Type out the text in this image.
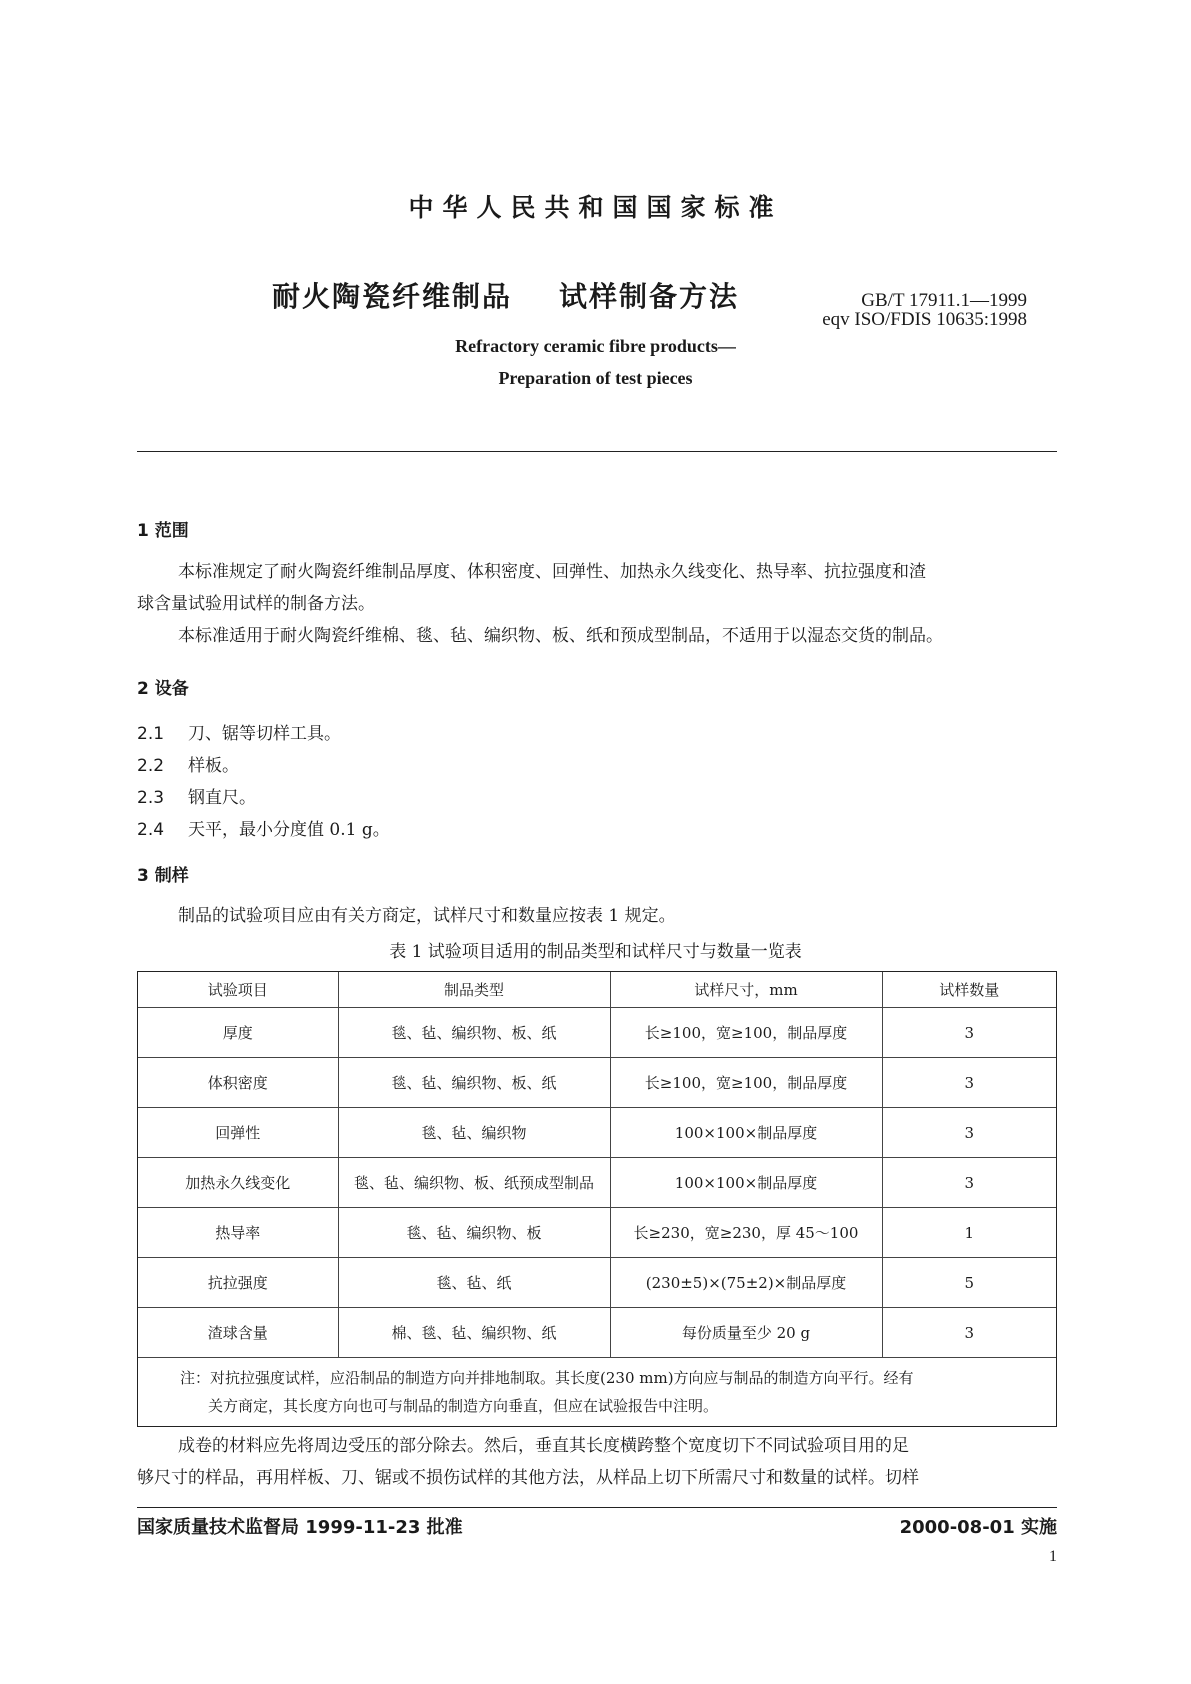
中华人民共和国国家标准
耐火陶瓷纤维制品    试样制备方法	GB/T 17911.1—1999
eqv ISO/FDIS 10635:1998
Refractory ceramic fibre products—
Preparation of test pieces
1 范围
本标准规定了耐火陶瓷纤维制品厚度、体积密度、回弹性、加热永久线变化、热导率、抗拉强度和渣
球含量试验用试样的制备方法。
本标准适用于耐火陶瓷纤维棉、毯、毡、编织物、板、纸和预成型制品，不适用于以湿态交货的制品。
2 设备
2.1 刀、锯等切样工具。
2.2 样板。
2.3 钢直尺。
2.4 天平，最小分度值 0.1 g。
3 制样
制品的试验项目应由有关方商定，试样尺寸和数量应按表 1 规定。
表 1 试验项目适用的制品类型和试样尺寸与数量一览表
试验项目	制品类型	试样尺寸，mm	试样数量
厚度	毯、毡、编织物、板、纸	长≥100，宽≥100，制品厚度	3
体积密度	毯、毡、编织物、板、纸	长≥100，宽≥100，制品厚度	3
回弹性	毯、毡、编织物	100×100×制品厚度	3
加热永久线变化	毯、毡、编织物、板、纸预成型制品	100×100×制品厚度	3
热导率	毯、毡、编织物、板	长≥230，宽≥230，厚 45～100	1
抗拉强度	毯、毡、纸	(230±5)×(75±2)×制品厚度	5
渣球含量	棉、毯、毡、编织物、纸	每份质量至少 20 g	3
注：对抗拉强度试样，应沿制品的制造方向并排地制取。其长度(230 mm)方向应与制品的制造方向平行。经有
关方商定，其长度方向也可与制品的制造方向垂直，但应在试验报告中注明。
成卷的材料应先将周边受压的部分除去。然后，垂直其长度横跨整个宽度切下不同试验项目用的足
够尺寸的样品，再用样板、刀、锯或不损伤试样的其他方法，从样品上切下所需尺寸和数量的试样。切样
国家质量技术监督局 1999-11-23 批准	2000-08-01 实施
1
